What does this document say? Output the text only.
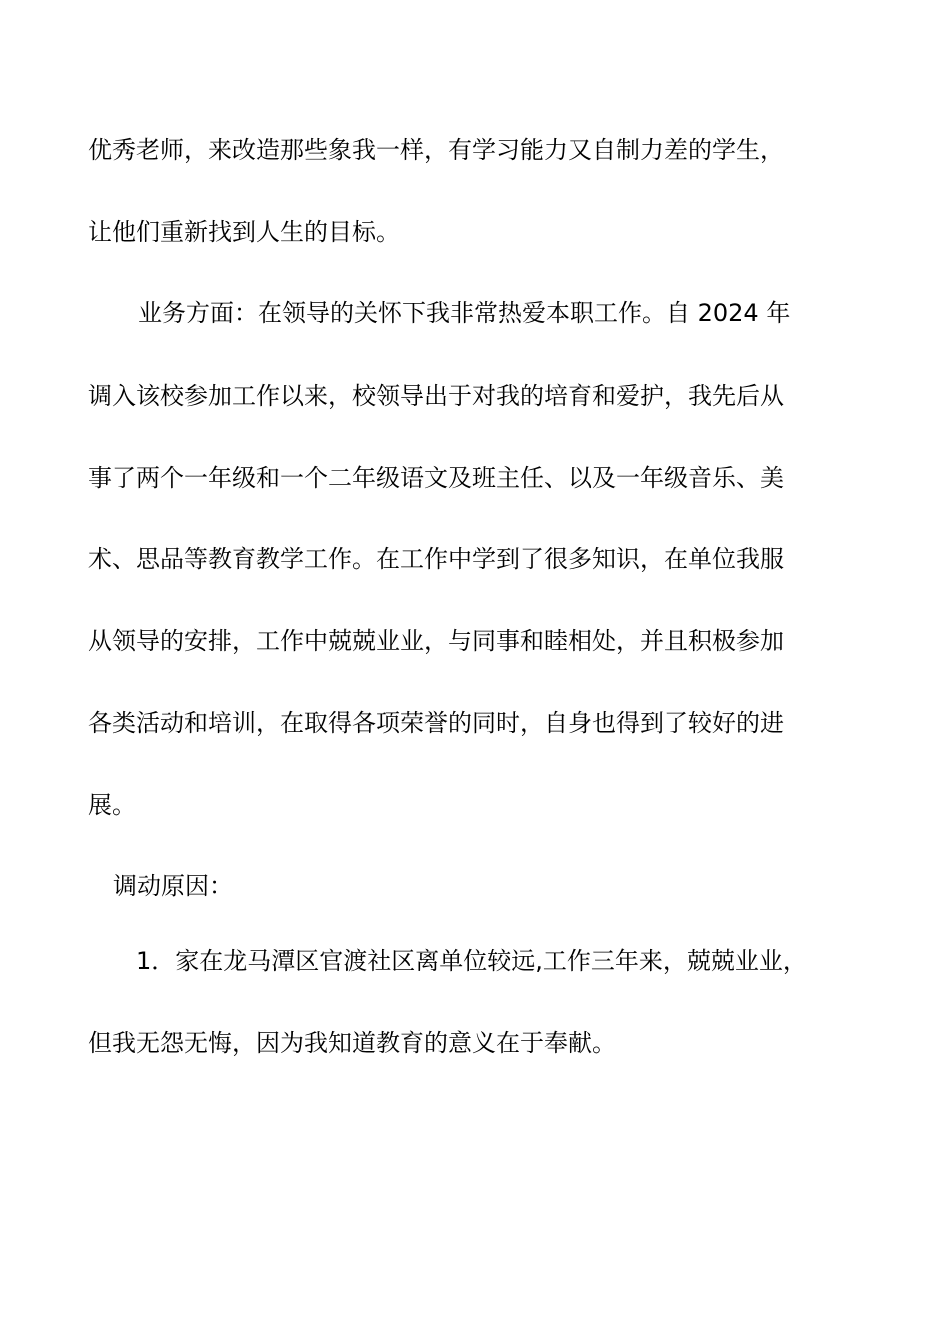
优秀老师，来改造那些象我一样，有学习能力又自制力差的学生，
让他们重新找到人生的目标。
业务方面：在领导的关怀下我非常热爱本职工作。自 2024 年
调入该校参加工作以来，校领导出于对我的培育和爱护，我先后从
事了两个一年级和一个二年级语文及班主任、以及一年级音乐、美
术、思品等教育教学工作。在工作中学到了很多知识，在单位我服
从领导的安排，工作中兢兢业业，与同事和睦相处，并且积极参加
各类活动和培训，在取得各项荣誉的同时，自身也得到了较好的进
展。
调动原因：
1．家在龙马潭区官渡社区离单位较远,工作三年来，兢兢业业，
但我无怨无悔，因为我知道教育的意义在于奉献。
